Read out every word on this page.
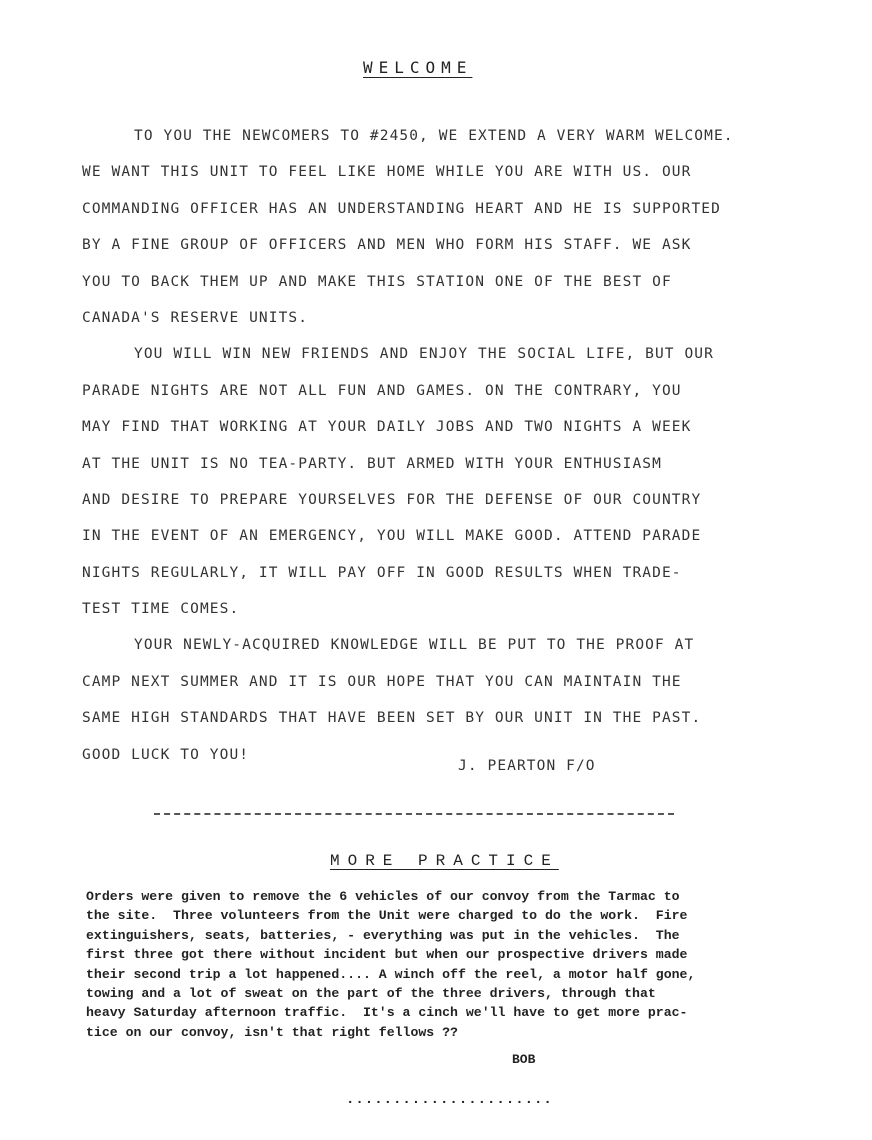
WELCOME
TO YOU THE NEWCOMERS TO #2450, WE EXTEND A VERY WARM WELCOME.
WE WANT THIS UNIT TO FEEL LIKE HOME WHILE YOU ARE WITH US. OUR
COMMANDING OFFICER HAS AN UNDERSTANDING HEART AND HE IS SUPPORTED
BY A FINE GROUP OF OFFICERS AND MEN WHO FORM HIS STAFF. WE ASK
YOU TO BACK THEM UP AND MAKE THIS STATION ONE OF THE BEST OF
CANADA'S RESERVE UNITS.
YOU WILL WIN NEW FRIENDS AND ENJOY THE SOCIAL LIFE, BUT OUR
PARADE NIGHTS ARE NOT ALL FUN AND GAMES. ON THE CONTRARY, YOU
MAY FIND THAT WORKING AT YOUR DAILY JOBS AND TWO NIGHTS A WEEK
AT THE UNIT IS NO TEA-PARTY. BUT ARMED WITH YOUR ENTHUSIASM
AND DESIRE TO PREPARE YOURSELVES FOR THE DEFENSE OF OUR COUNTRY
IN THE EVENT OF AN EMERGENCY, YOU WILL MAKE GOOD. ATTEND PARADE
NIGHTS REGULARLY, IT WILL PAY OFF IN GOOD RESULTS WHEN TRADE-
TEST TIME COMES.
YOUR NEWLY-ACQUIRED KNOWLEDGE WILL BE PUT TO THE PROOF AT
CAMP NEXT SUMMER AND IT IS OUR HOPE THAT YOU CAN MAINTAIN THE
SAME HIGH STANDARDS THAT HAVE BEEN SET BY OUR UNIT IN THE PAST.
GOOD LUCK TO YOU!
J. PEARTON F/O
MORE PRACTICE
Orders were given to remove the 6 vehicles of our convoy from the Tarmac to
the site.  Three volunteers from the Unit were charged to do the work.  Fire
extinguishers, seats, batteries, - everything was put in the vehicles.  The
first three got there without incident but when our prospective drivers made
their second trip a lot happened.... A winch off the reel, a motor half gone,
towing and a lot of sweat on the part of the three drivers, through that
heavy Saturday afternoon traffic.  It's a cinch we'll have to get more prac-
tice on our convoy, isn't that right fellows ??
BOB
......................
